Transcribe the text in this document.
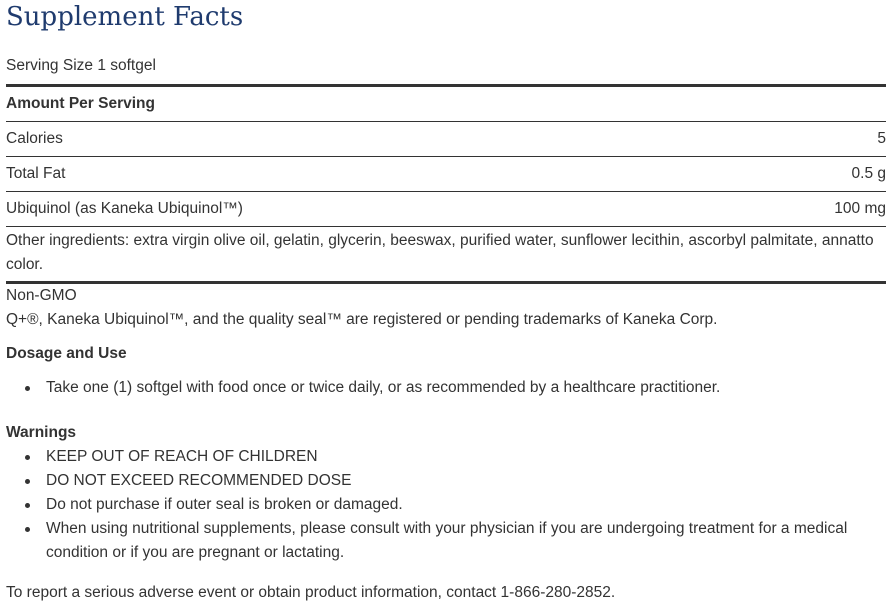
Supplement Facts
Serving Size 1 softgel
Amount Per Serving
Calories	5
Total Fat	0.5 g
Ubiquinol (as Kaneka Ubiquinol™)	100 mg
Other ingredients: extra virgin olive oil, gelatin, glycerin, beeswax, purified water, sunflower lecithin, ascorbyl palmitate, annatto color.
Non-GMO
Q+®, Kaneka Ubiquinol™, and the quality seal™ are registered or pending trademarks of Kaneka Corp.
Dosage and Use
Take one (1) softgel with food once or twice daily, or as recommended by a healthcare practitioner.
Warnings
KEEP OUT OF REACH OF CHILDREN
DO NOT EXCEED RECOMMENDED DOSE
Do not purchase if outer seal is broken or damaged.
When using nutritional supplements, please consult with your physician if you are undergoing treatment for a medical condition or if you are pregnant or lactating.
To report a serious adverse event or obtain product information, contact 1-866-280-2852.
